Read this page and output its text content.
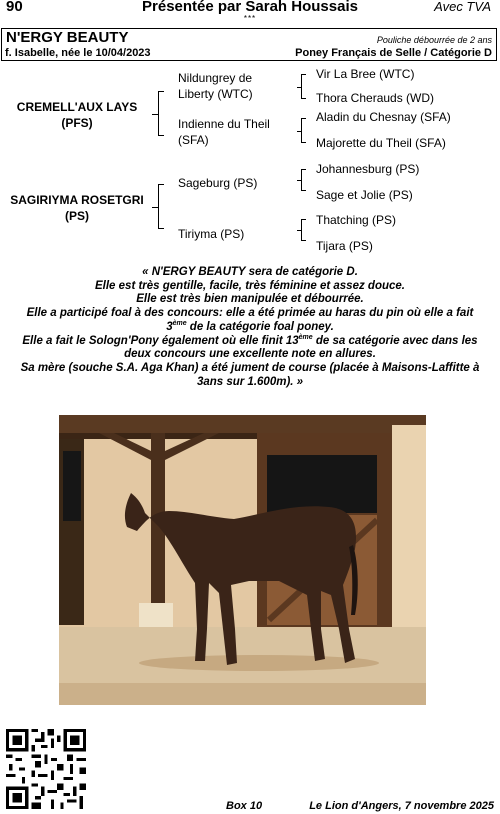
90	Présentée par Sarah Houssais	Avec TVA
***
N'ERGY BEAUTY	Pouliche débourrée de 2 ans
f. Isabelle, née le 10/04/2023	Poney Français de Selle / Catégorie D
CREMELL'AUX LAYS
(PFS)
Nildungrey de Liberty (WTC)
Indienne du Theil (SFA)
Vir La Bree (WTC)
Thora Cherauds (WD)
Aladin du Chesnay (SFA)
Majorette du Theil (SFA)
SAGIRIYMA ROSETGRI
(PS)
Sageburg (PS)
Tiriyma (PS)
Johannesburg (PS)
Sage et Jolie (PS)
Thatching (PS)
Tijara (PS)
« N'ERGY BEAUTY sera de catégorie D.
Elle est très gentille, facile, très féminine et assez douce.
Elle est très bien manipulée et débourrée.
Elle a participé foal à des concours: elle a été primée au haras du pin où elle a fait
3ème de la catégorie foal poney.
Elle a fait le Sologn'Pony également où elle finit 13ème de sa catégorie avec dans les
deux concours une excellente note en allures.
Sa mère (souche S.A. Aga Khan) a été jument de course (placée à Maisons-Laffitte à
3ans sur 1.600m). »
Box 10	Le Lion d'Angers, 7 novembre 2025
